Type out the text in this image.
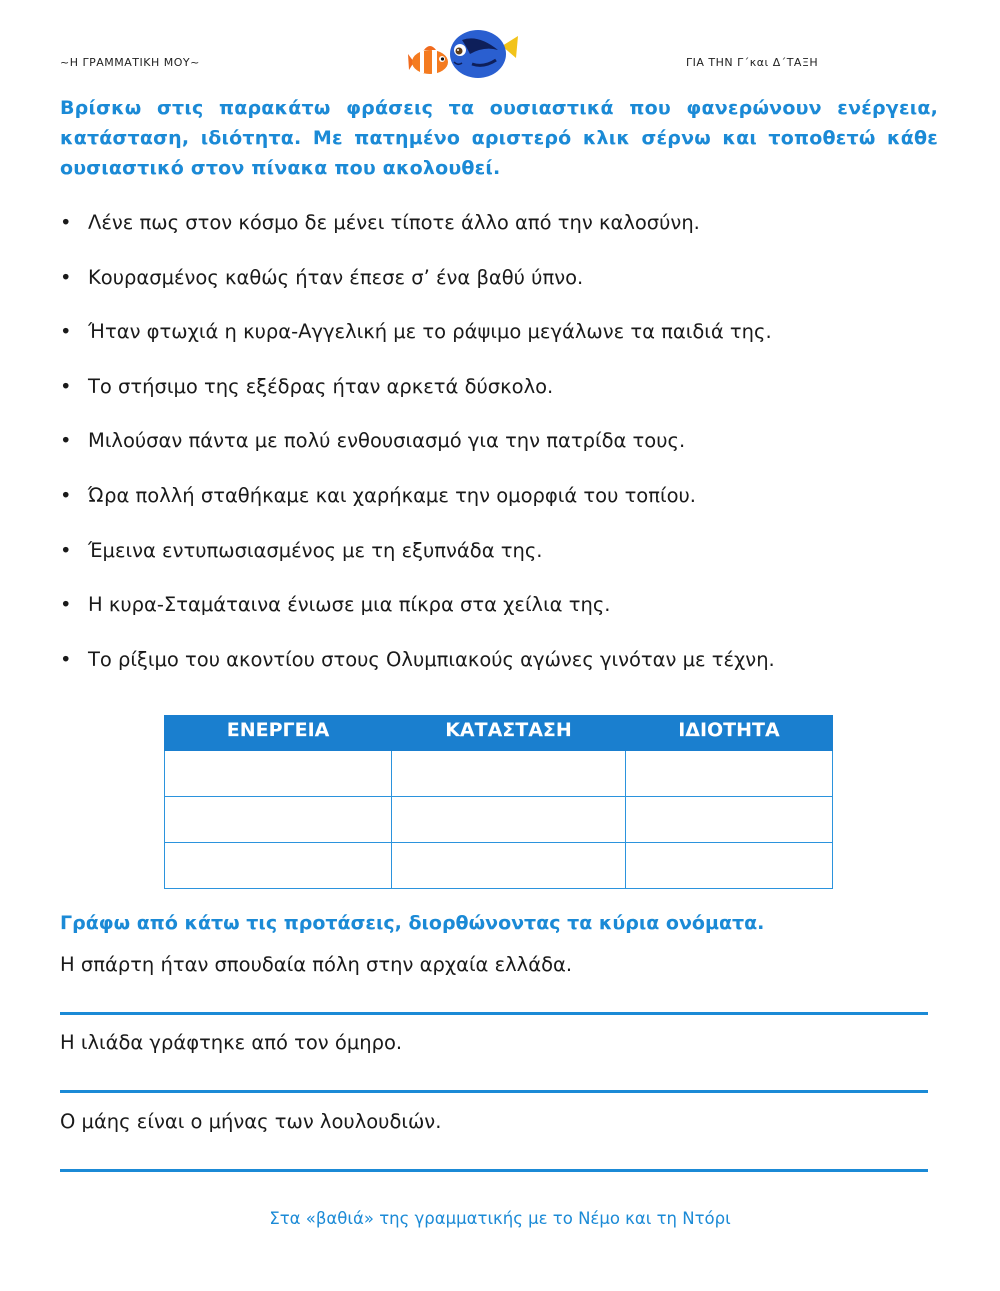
~Η ΓΡΑΜΜΑΤΙΚΗ ΜΟΥ~	ΓΙΑ ΤΗΝ Γ΄και Δ΄ΤΑΞΗ
Βρίσκω στις παρακάτω φράσεις τα ουσιαστικά που φανερώνουν ενέργεια, κατάσταση, ιδιότητα. Με πατημένο αριστερό κλικ σέρνω και τοποθετώ κάθε ουσιαστικό στον πίνακα που ακολουθεί.
• Λένε πως στον κόσμο δε μένει τίποτε άλλο από την καλοσύνη.
• Κουρασμένος καθώς ήταν έπεσε σ’ ένα βαθύ ύπνο.
• Ήταν φτωχιά η κυρα-Αγγελική με το ράψιμο μεγάλωνε τα παιδιά της.
• Το στήσιμο της εξέδρας ήταν αρκετά δύσκολο.
• Μιλούσαν πάντα με πολύ ενθουσιασμό για την πατρίδα τους.
• Ώρα πολλή σταθήκαμε και χαρήκαμε την ομορφιά του τοπίου.
• Έμεινα εντυπωσιασμένος με τη εξυπνάδα της.
• Η κυρα-Σταμάταινα ένιωσε μια πίκρα στα χείλια της.
• Το ρίξιμο του ακοντίου στους Ολυμπιακούς αγώνες γινόταν με τέχνη.
ΕΝΕΡΓΕΙΑ	ΚΑΤΑΣΤΑΣΗ	ΙΔΙΟΤΗΤΑ

Γράφω από κάτω τις προτάσεις, διορθώνοντας τα κύρια ονόματα.
Η σπάρτη ήταν σπουδαία πόλη στην αρχαία ελλάδα.
Η ιλιάδα γράφτηκε από τον όμηρο.
Ο μάης είναι ο μήνας των λουλουδιών.
Στα «βαθιά» της γραμματικής με το Νέμο και τη Ντόρι
